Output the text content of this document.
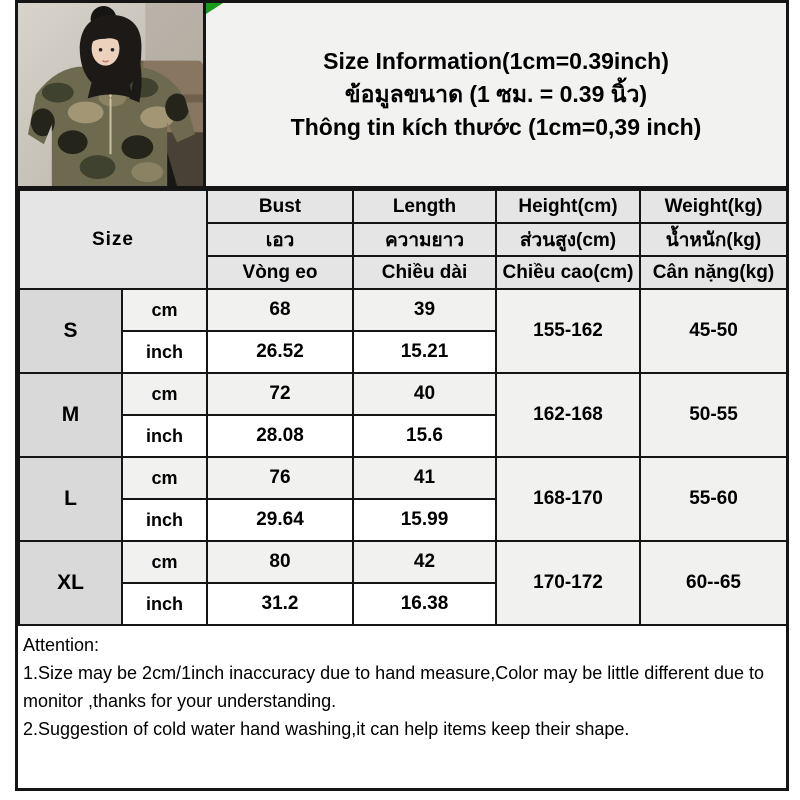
Size Information(1cm=0.39inch)
ข้อมูลขนาด (1 ซม. = 0.39 นิ้ว)
Thông tin kích thước (1cm=0,39 inch)
Size		Bust	Length	Height(cm)	Weight(kg)
		เอว	ความยาว	ส่วนสูง(cm)	น้ำหนัก(kg)
		Vòng eo	Chiều dài	Chiều cao(cm)	Cân nặng(kg)
S	cm	68	39	155-162	45-50
	inch	26.52	15.21		
M	cm	72	40	162-168	50-55
	inch	28.08	15.6		
L	cm	76	41	168-170	55-60
	inch	29.64	15.99		
XL	cm	80	42	170-172	60--65
	inch	31.2	16.38		
Attention:
1.Size may be 2cm/1inch inaccuracy due to hand measure,Color may be little different due to monitor ,thanks for your understanding.
2.Suggestion of cold water hand washing,it can help items keep their shape.
